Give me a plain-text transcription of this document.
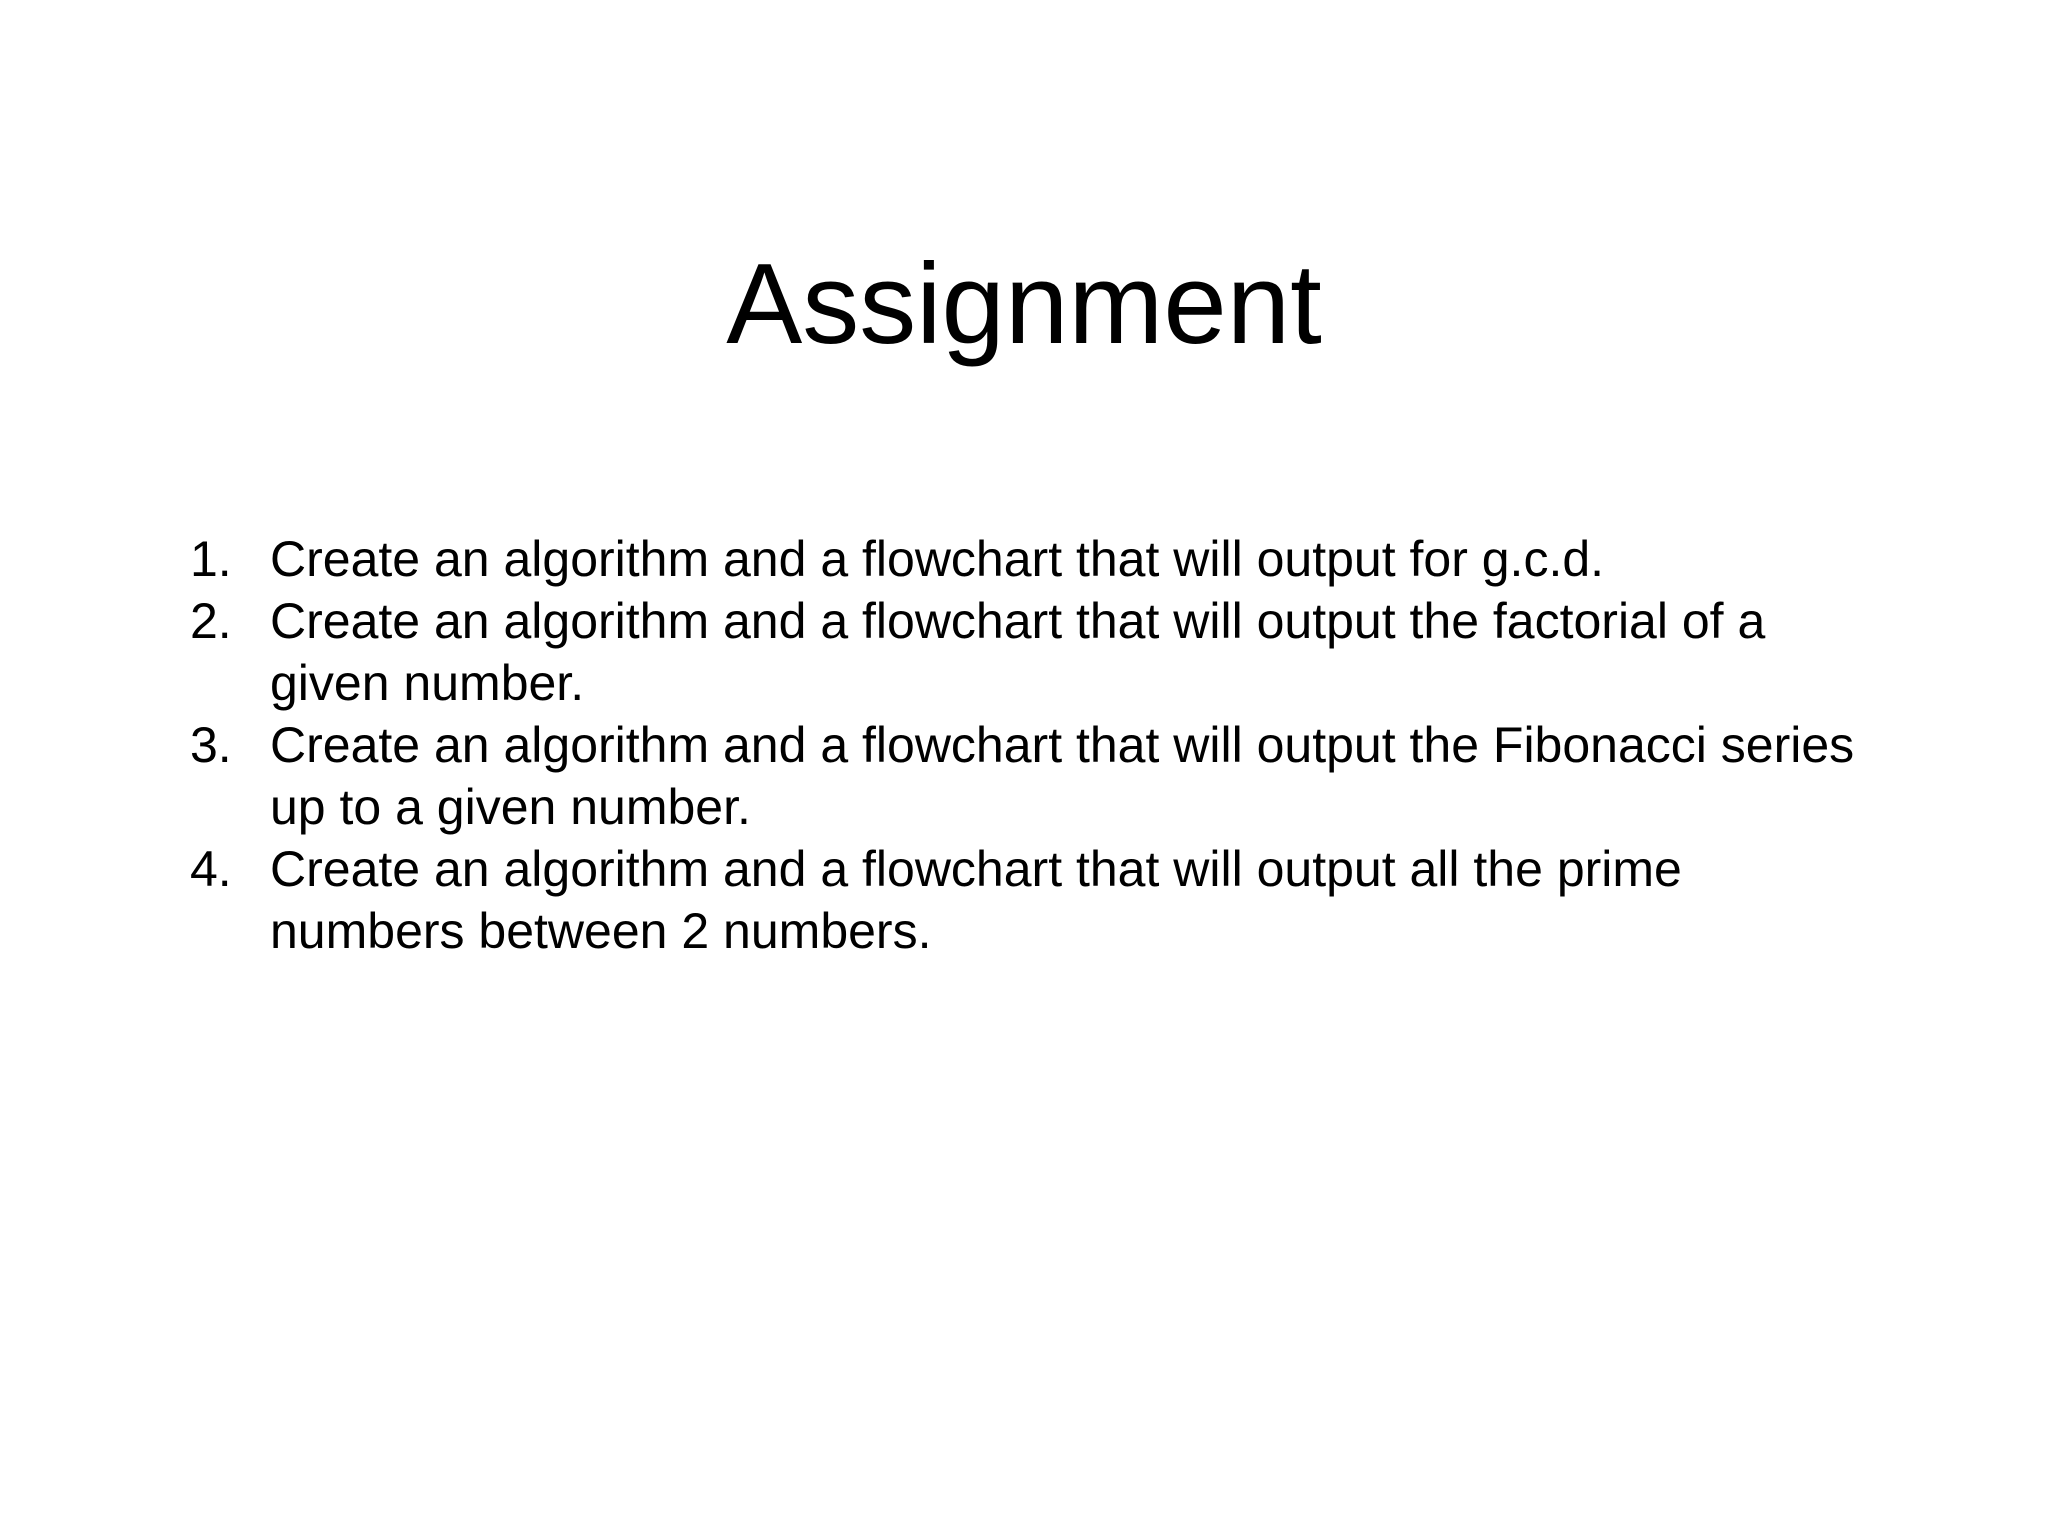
Assignment
1. Create an algorithm and a flowchart that will output for g.c.d.
2. Create an algorithm and a flowchart that will output the factorial of a given number.
3. Create an algorithm and a flowchart that will output the Fibonacci series up to a given number.
4. Create an algorithm and a flowchart that will output all the prime numbers between 2 numbers.
